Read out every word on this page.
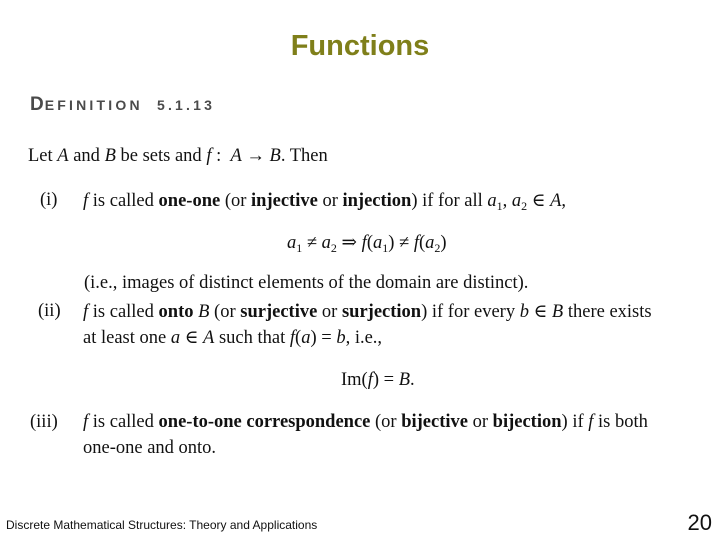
Functions
DEFINITION 5.1.13
Let A and B be sets and f :  A → B. Then
(i) f is called one-one (or injective or injection) if for all $a_1$, $a_2$ ∈ A,
$a_1 \ne a_2$ ⇒ $f(a_1) \ne f(a_2)$
(i.e., images of distinct elements of the domain are distinct).
(ii) f is called onto B (or surjective or surjection) if for every b ∈ B there exists
at least one a ∈ A such that f(a) = b, i.e.,
Im(f) = B.
(iii) f is called one-to-one correspondence (or bijective or bijection) if f is both
one-one and onto.
Discrete Mathematical Structures: Theory and Applications	20
